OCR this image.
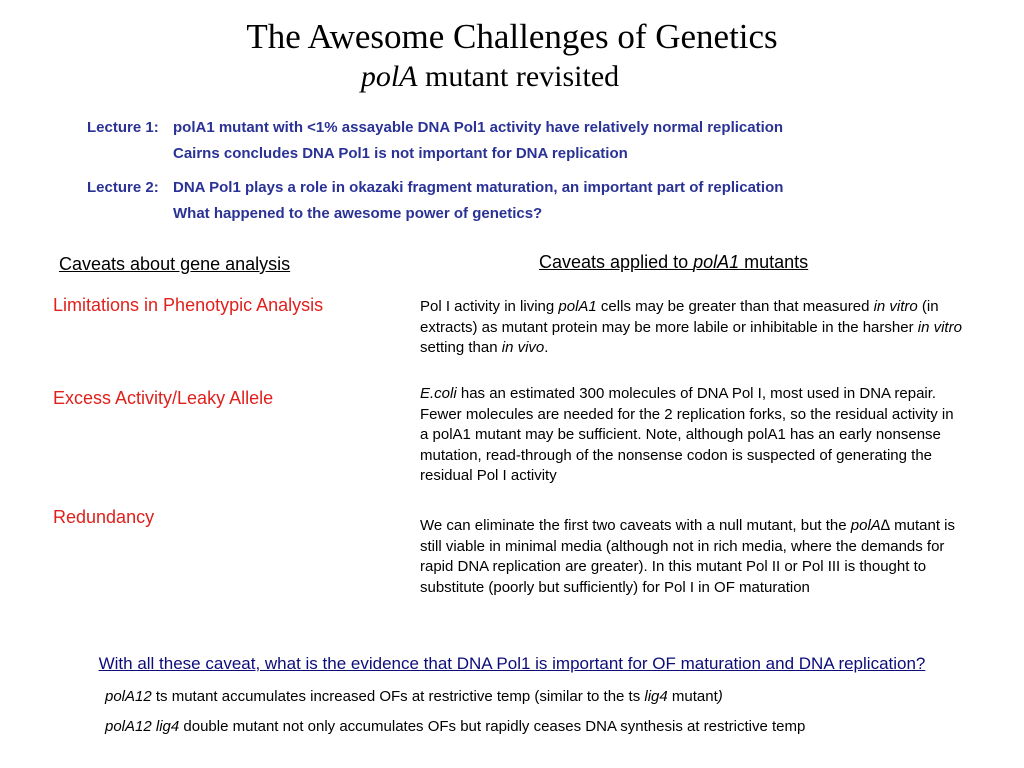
The Awesome Challenges of Genetics
polA mutant revisited
Lecture 1: polA1 mutant with <1% assayable DNA Pol1 activity have relatively normal replication
Cairns concludes DNA Pol1 is not important for DNA replication
Lecture 2: DNA Pol1 plays a role in okazaki fragment maturation, an important part of replication
What happened to the awesome power of genetics?
Caveats about gene analysis	Caveats applied to polA1 mutants
Limitations in Phenotypic Analysis
Excess Activity/Leaky Allele
Redundancy
Pol I activity in living polA1 cells may be greater than that measured in vitro (in extracts) as mutant protein may be more labile or inhibitable in the harsher in vitro setting than in vivo.
E.coli has an estimated 300 molecules of DNA Pol I, most used in DNA repair. Fewer molecules are needed for the 2 replication forks, so the residual activity in a polA1 mutant may be sufficient. Note, although polA1 has an early nonsense mutation, read-through of the nonsense codon is suspected of generating the residual Pol I activity
We can eliminate the first two caveats with a null mutant, but the polA∆ mutant is still viable in minimal media (although not in rich media, where the demands for rapid DNA replication are greater). In this mutant Pol II or Pol III is thought to substitute (poorly but sufficiently) for Pol I in OF maturation
With all these caveat, what is the evidence that DNA Pol1 is important for OF maturation and DNA replication?
polA12 ts mutant accumulates increased OFs at restrictive temp (similar to the ts lig4 mutant)
polA12 lig4 double mutant not only accumulates OFs but rapidly ceases DNA synthesis at restrictive temp
